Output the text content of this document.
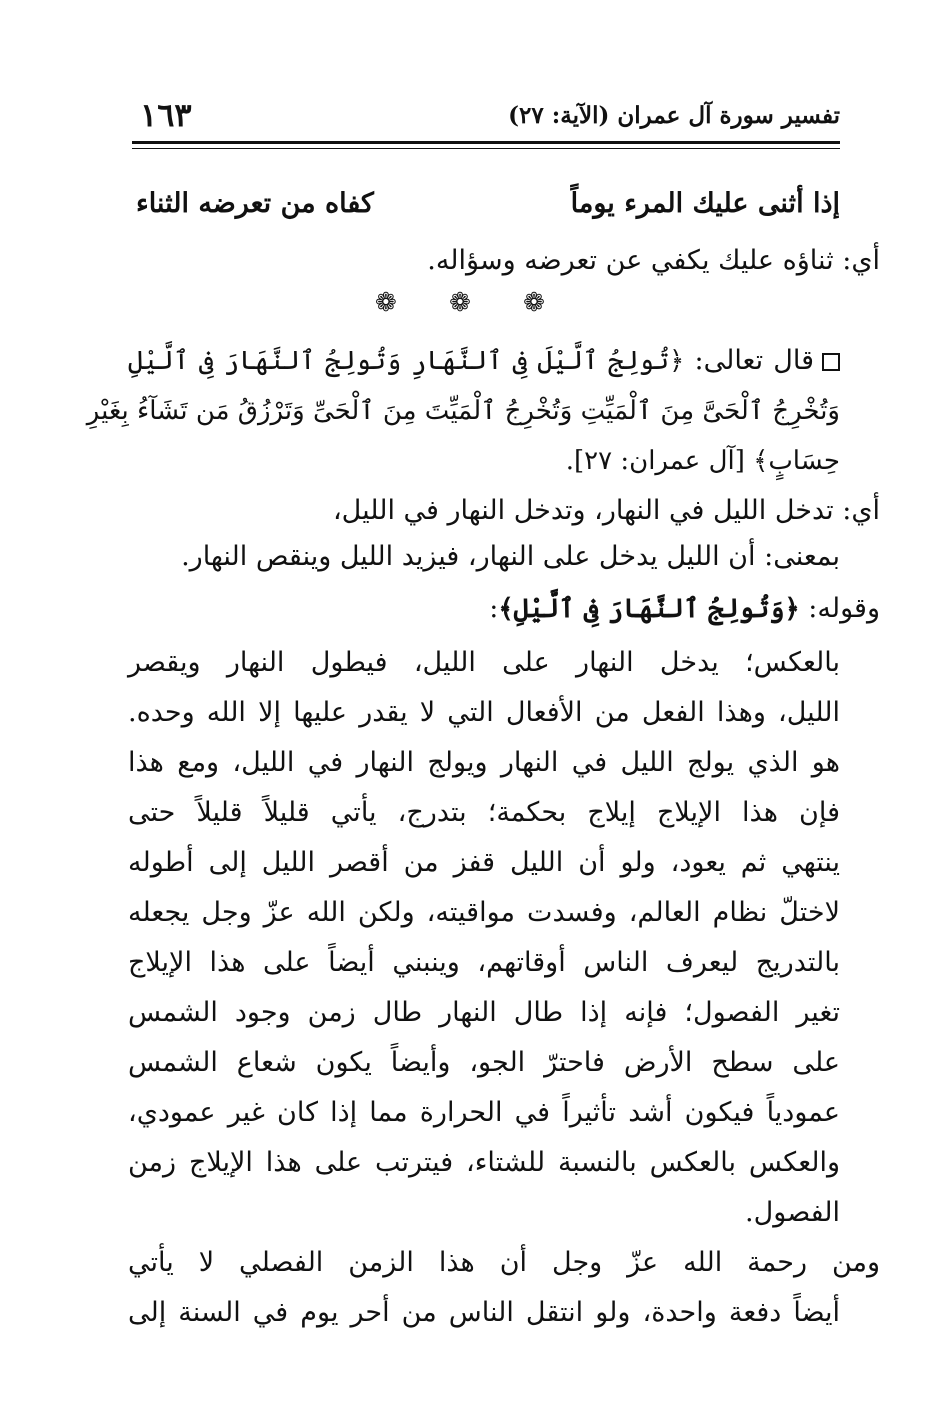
تفسير سورة آل عمران (الآية: ٢٧)
١٦٣
إذا أثنى عليك المرء يوماً
كفاه من تعرضه الثناء
أي: ثناؤه عليك يكفي عن تعرضه وسؤاله.
❁ ❁ ❁
قال تعالى: ﴿تُولِجُ ٱلَّيْلَ فِى ٱلنَّهَارِ وَتُولِجُ ٱلنَّهَارَ فِى ٱلَّيْلِ
وَتُخْرِجُ ٱلْحَىَّ مِنَ ٱلْمَيِّتِ وَتُخْرِجُ ٱلْمَيِّتَ مِنَ ٱلْحَىِّ وَتَرْزُقُ مَن تَشَآءُ بِغَيْرِ
حِسَابٍ﴾ [آل عمران: ٢٧].
أي: تدخل الليل في النهار، وتدخل النهار في الليل،
بمعنى: أن الليل يدخل على النهار، فيزيد الليل وينقص النهار.
وقوله: ﴿وَتُولِجُ ٱلنَّهَارَ فِى ٱلَّيْلِ﴾:
بالعكس؛ يدخل النهار على الليل، فيطول النهار ويقصر
الليل، وهذا الفعل من الأفعال التي لا يقدر عليها إلا الله وحده.
هو الذي يولج الليل في النهار ويولج النهار في الليل، ومع هذا
فإن هذا الإيلاج إيلاج بحكمة؛ بتدرج، يأتي قليلاً قليلاً حتى
ينتهي ثم يعود، ولو أن الليل قفز من أقصر الليل إلى أطوله
لاختلّ نظام العالم، وفسدت مواقيته، ولكن الله عزّ وجل يجعله
بالتدريج ليعرف الناس أوقاتهم، وينبني أيضاً على هذا الإيلاج
تغير الفصول؛ فإنه إذا طال النهار طال زمن وجود الشمس
على سطح الأرض فاحترّ الجو، وأيضاً يكون شعاع الشمس
عمودياً فيكون أشد تأثيراً في الحرارة مما إذا كان غير عمودي،
والعكس بالعكس بالنسبة للشتاء، فيترتب على هذا الإيلاج زمن
الفصول.
ومن رحمة الله عزّ وجل أن هذا الزمن الفصلي لا يأتي
أيضاً دفعة واحدة، ولو انتقل الناس من أحر يوم في السنة إلى
